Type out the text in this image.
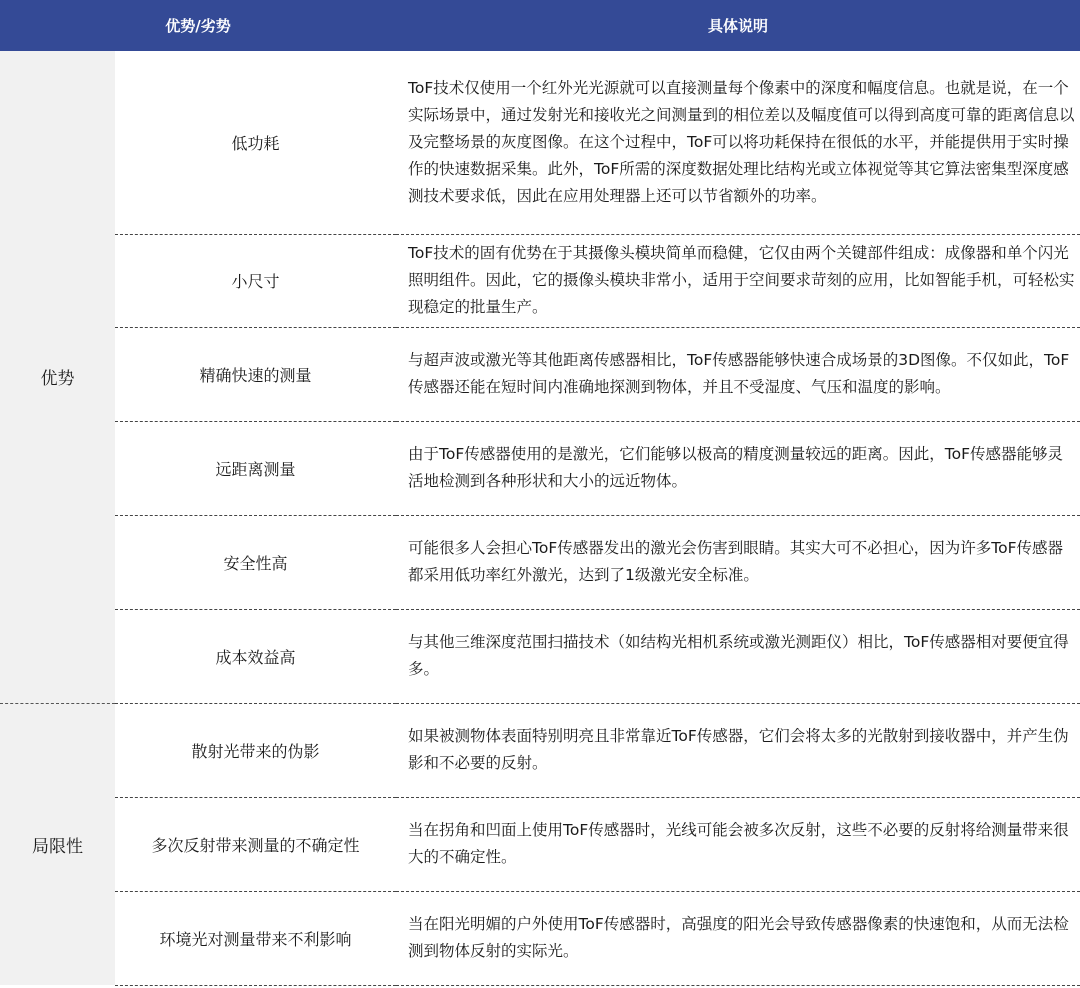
优势/劣势		具体说明
优势	低功耗	ToF技术仅使用一个红外光光源就可以直接测量每个像素中的深度和幅度信息。也就是说，在一个实际场景中，通过发射光和接收光之间测量到的相位差以及幅度值可以得到高度可靠的距离信息以及完整场景的灰度图像。在这个过程中，ToF可以将功耗保持在很低的水平，并能提供用于实时操作的快速数据采集。此外，ToF所需的深度数据处理比结构光或立体视觉等其它算法密集型深度感测技术要求低，因此在应用处理器上还可以节省额外的功率。
	小尺寸	ToF技术的固有优势在于其摄像头模块简单而稳健，它仅由两个关键部件组成：成像器和单个闪光照明组件。因此，它的摄像头模块非常小，适用于空间要求苛刻的应用，比如智能手机，可轻松实现稳定的批量生产。
	精确快速的测量	与超声波或激光等其他距离传感器相比，ToF传感器能够快速合成场景的3D图像。不仅如此，ToF传感器还能在短时间内准确地探测到物体，并且不受湿度、气压和温度的影响。
	远距离测量	由于ToF传感器使用的是激光，它们能够以极高的精度测量较远的距离。因此，ToF传感器能够灵活地检测到各种形状和大小的远近物体。
	安全性高	可能很多人会担心ToF传感器发出的激光会伤害到眼睛。其实大可不必担心，因为许多ToF传感器都采用低功率红外激光，达到了1级激光安全标准。
	成本效益高	与其他三维深度范围扫描技术（如结构光相机系统或激光测距仪）相比，ToF传感器相对要便宜得多。
局限性	散射光带来的伪影	如果被测物体表面特别明亮且非常靠近ToF传感器，它们会将太多的光散射到接收器中，并产生伪影和不必要的反射。
	多次反射带来测量的不确定性	当在拐角和凹面上使用ToF传感器时，光线可能会被多次反射，这些不必要的反射将给测量带来很大的不确定性。
	环境光对测量带来不利影响	当在阳光明媚的户外使用ToF传感器时，高强度的阳光会导致传感器像素的快速饱和，从而无法检测到物体反射的实际光。
